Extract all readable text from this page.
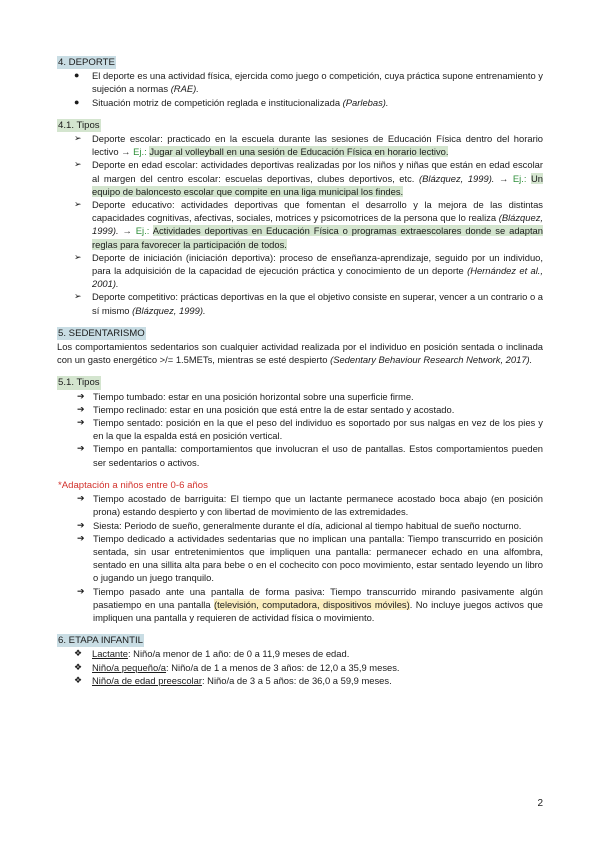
4. DEPORTE
● El deporte es una actividad física, ejercida como juego o competición, cuya práctica supone entrenamiento y sujeción a normas (RAE).
● Situación motriz de competición reglada e institucionalizada (Parlebas).
4.1. Tipos
➢ Deporte escolar: practicado en la escuela durante las sesiones de Educación Física dentro del horario lectivo → Ej.: Jugar al volleyball en una sesión de Educación Física en horario lectivo.
➢ Deporte en edad escolar: actividades deportivas realizadas por los niños y niñas que están en edad escolar al margen del centro escolar: escuelas deportivas, clubes deportivos, etc. (Blázquez, 1999). → Ej.: Un equipo de baloncesto escolar que compite en una liga municipal los findes.
➢ Deporte educativo: actividades deportivas que fomentan el desarrollo y la mejora de las distintas capacidades cognitivas, afectivas, sociales, motrices y psicomotrices de la persona que lo realiza (Blázquez, 1999). → Ej.: Actividades deportivas en Educación Física o programas extraescolares donde se adaptan reglas para favorecer la participación de todos.
➢ Deporte de iniciación (iniciación deportiva): proceso de enseñanza-aprendizaje, seguido por un individuo, para la adquisición de la capacidad de ejecución práctica y conocimiento de un deporte (Hernández et al., 2001).
➢ Deporte competitivo: prácticas deportivas en la que el objetivo consiste en superar, vencer a un contrario o a sí mismo (Blázquez, 1999).
5. SEDENTARISMO

Los comportamientos sedentarios son cualquier actividad realizada por el individuo en posición sentada o inclinada con un gasto energético >/= 1.5METs, mientras se esté despierto (Sedentary Behaviour Research Network, 2017).

5.1. Tipos
➔ Tiempo tumbado: estar en una posición horizontal sobre una superficie firme.
➔ Tiempo reclinado: estar en una posición que está entre la de estar sentado y acostado.
➔ Tiempo sentado: posición en la que el peso del individuo es soportado por sus nalgas en vez de los pies y en la que la espalda está en posición vertical.
➔ Tiempo en pantalla: comportamientos que involucran el uso de pantallas. Estos comportamientos pueden ser sedentarios o activos.
*Adaptación a niños entre 0-6 años
➔ Tiempo acostado de barriguita: El tiempo que un lactante permanece acostado boca abajo (en posición prona) estando despierto y con libertad de movimiento de las extremidades.
➔ Siesta: Periodo de sueño, generalmente durante el día, adicional al tiempo habitual de sueño nocturno.
➔ Tiempo dedicado a actividades sedentarias que no implican una pantalla: Tiempo transcurrido en posición sentada, sin usar entretenimientos que impliquen una pantalla: permanecer echado en una alfombra, sentado en una sillita alta para bebe o en el cochecito con poco movimiento, estar sentado leyendo un libro o jugando un juego tranquilo.
➔ Tiempo pasado ante una pantalla de forma pasiva: Tiempo transcurrido mirando pasivamente algún pasatiempo en una pantalla (televisión, computadora, dispositivos móviles). No incluye juegos activos que impliquen una pantalla y requieren de actividad física o movimiento.
6. ETAPA INFANTIL
❖ Lactante: Niño/a menor de 1 año: de 0 a 11,9 meses de edad.
❖ Niño/a pequeño/a: Niño/a de 1 a menos de 3 años: de 12,0 a 35,9 meses.
❖ Niño/a de edad preescolar: Niño/a de 3 a 5 años: de 36,0 a 59,9 meses.
2
